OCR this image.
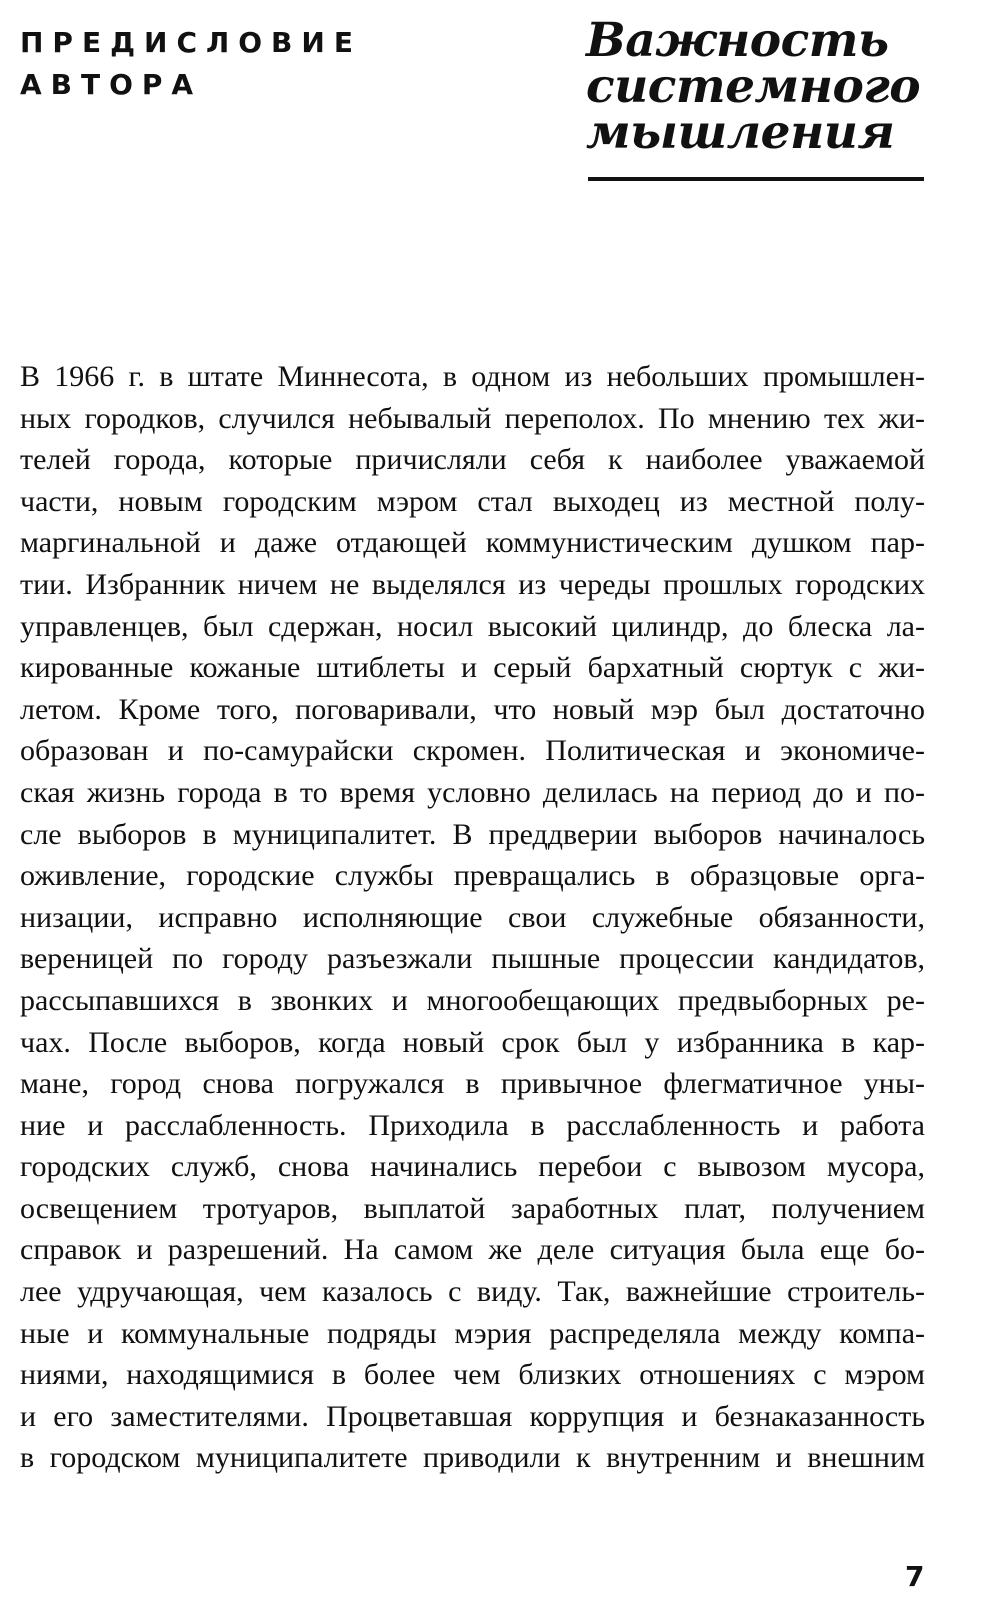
ПРЕДИСЛОВИЕ
АВТОРА
Важность
системного
мышления
В 1966 г. в штате Миннесота, в одном из небольших промышлен-
ных городков, случился небывалый переполох. По мнению тех жи-
телей города, которые причисляли себя к наиболее уважаемой
части, новым городским мэром стал выходец из местной полу-
маргинальной и даже отдающей коммунистическим душком пар-
тии. Избранник ничем не выделялся из череды прошлых городских
управленцев, был сдержан, носил высокий цилиндр, до блеска ла-
кированные кожаные штиблеты и серый бархатный сюртук с жи-
летом. Кроме того, поговаривали, что новый мэр был достаточно
образован и по-самурайски скромен. Политическая и экономиче-
ская жизнь города в то время условно делилась на период до и по-
сле выборов в муниципалитет. В преддверии выборов начиналось
оживление, городские службы превращались в образцовые орга-
низации, исправно исполняющие свои служебные обязанности,
вереницей по городу разъезжали пышные процессии кандидатов,
рассыпавшихся в звонких и многообещающих предвыборных ре-
чах. После выборов, когда новый срок был у избранника в кар-
мане, город снова погружался в привычное флегматичное уны-
ние и расслабленность. Приходила в расслабленность и работа
городских служб, снова начинались перебои с вывозом мусора,
освещением тротуаров, выплатой заработных плат, получением
справок и разрешений. На самом же деле ситуация была еще бо-
лее удручающая, чем казалось с виду. Так, важнейшие строитель-
ные и коммунальные подряды мэрия распределяла между компа-
ниями, находящимися в более чем близких отношениях с мэром
и его заместителями. Процветавшая коррупция и безнаказанность
в городском муниципалитете приводили к внутренним и внешним
7
